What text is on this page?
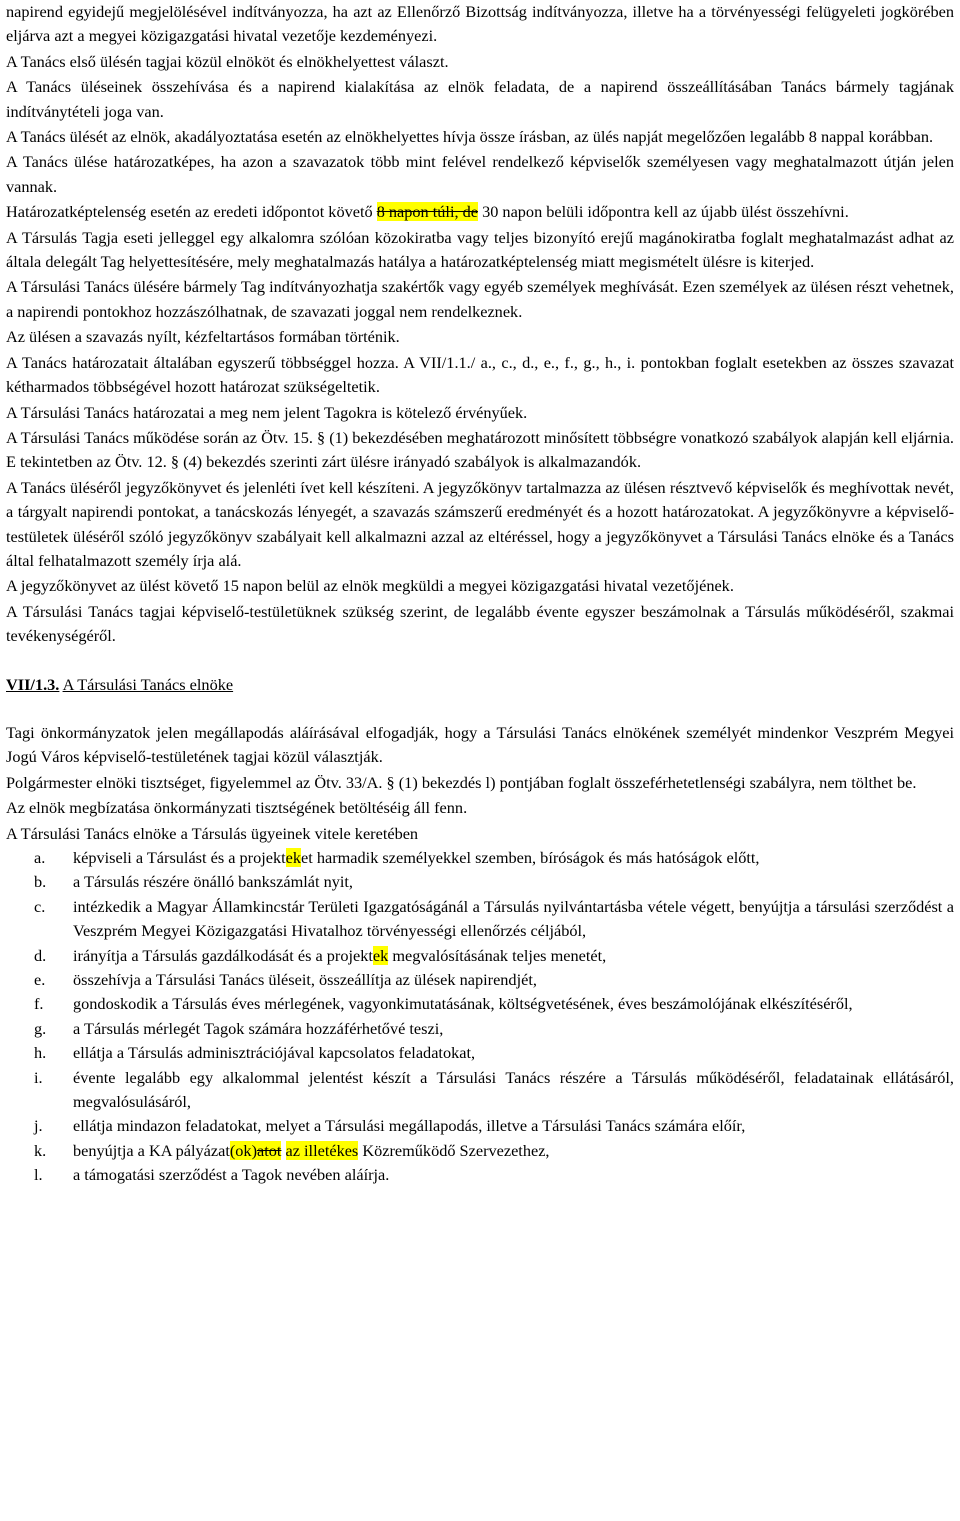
napirend egyidejű megjelölésével indítványozza, ha azt az Ellenőrző Bizottság indítványozza, illetve ha a törvényességi felügyeleti jogkörében eljárva azt a megyei közigazgatási hivatal vezetője kezdeményezi.

A Tanács első ülésén tagjai közül elnököt és elnökhelyettest választ.

A Tanács üléseinek összehívása és a napirend kialakítása az elnök feladata, de a napirend összeállításában Tanács bármely tagjának indítványtételi joga van.

A Tanács ülését az elnök, akadályoztatása esetén az elnökhelyettes hívja össze írásban, az ülés napját megelőzően legalább 8 nappal korábban.

A Tanács ülése határozatképes, ha azon a szavazatok több mint felével rendelkező képviselők személyesen vagy meghatalmazott útján jelen vannak.

Határozatképtelenség esetén az eredeti időpontot követő 8 napon túli, de 30 napon belüli időpontra kell az újabb ülést összehívni.

A Társulás Tagja eseti jelleggel egy alkalomra szólóan közokiratba vagy teljes bizonyító erejű magánokiratba foglalt meghatalmazást adhat az általa delegált Tag helyettesítésére, mely meghatalmazás hatálya a határozatképtelenség miatt megismételt ülésre is kiterjed.

A Társulási Tanács ülésére bármely Tag indítványozhatja szakértők vagy egyéb személyek meghívását. Ezen személyek az ülésen részt vehetnek, a napirendi pontokhoz hozzászólhatnak, de szavazati joggal nem rendelkeznek.

Az ülésen a szavazás nyílt, kézfeltartásos formában történik.

A Tanács határozatait általában egyszerű többséggel hozza. A VII/1.1./ a., c., d., e., f., g., h., i. pontokban foglalt esetekben az összes szavazat kétharmados többségével hozott határozat szükségeltetik.

A Társulási Tanács határozatai a meg nem jelent Tagokra is kötelező érvényűek.

A Társulási Tanács működése során az Ötv. 15. § (1) bekezdésében meghatározott minősített többségre vonatkozó szabályok alapján kell eljárnia. E tekintetben az Ötv. 12. § (4) bekezdés szerinti zárt ülésre irányadó szabályok is alkalmazandók.

A Tanács üléséről jegyzőkönyvet és jelenléti ívet kell készíteni. A jegyzőkönyv tartalmazza az ülésen résztvevő képviselők és meghívottak nevét, a tárgyalt napirendi pontokat, a tanácskozás lényegét, a szavazás számszerű eredményét és a hozott határozatokat. A jegyzőkönyvre a képviselő-testületek üléséről szóló jegyzőkönyv szabályait kell alkalmazni azzal az eltéréssel, hogy a jegyzőkönyvet a Társulási Tanács elnöke és a Tanács által felhatalmazott személy írja alá.

A jegyzőkönyvet az ülést követő 15 napon belül az elnök megküldi a megyei közigazgatási hivatal vezetőjének.

A Társulási Tanács tagjai képviselő-testületüknek szükség szerint, de legalább évente egyszer beszámolnak a Társulás működéséről, szakmai tevékenységéről.

VII/1.3. A Társulási Tanács elnöke

Tagi önkormányzatok jelen megállapodás aláírásával elfogadják, hogy a Társulási Tanács elnökének személyét mindenkor Veszprém Megyei Jogú Város képviselő-testületének tagjai közül választják.

Polgármester elnöki tisztséget, figyelemmel az Ötv. 33/A. § (1) bekezdés l) pontjában foglalt összeférhetetlenségi szabályra, nem tölthet be.

Az elnök megbízatása önkormányzati tisztségének betöltéséig áll fenn.

A Társulási Tanács elnöke a Társulás ügyeinek vitele keretében

a.	képviseli a Társulást és a projekteket harmadik személyekkel szemben, bíróságok és más hatóságok előtt,
b.	a Társulás részére önálló bankszámlát nyit,
c.	intézkedik a Magyar Államkincstár Területi Igazgatóságánál a Társulás nyilvántartásba vétele végett, benyújtja a társulási szerződést a Veszprém Megyei Közigazgatási Hivatalhoz törvényességi ellenőrzés céljából,
d.	irányítja a Társulás gazdálkodását és a projektek megvalósításának teljes menetét,
e.	összehívja a Társulási Tanács üléseit, összeállítja az ülések napirendjét,
f.	gondoskodik a Társulás éves mérlegének, vagyonkimutatásának, költségvetésének, éves beszámolójának elkészítéséről,
g.	a Társulás mérlegét Tagok számára hozzáférhetővé teszi,
h.	ellátja a Társulás adminisztrációjával kapcsolatos feladatokat,
i.	évente legalább egy alkalommal jelentést készít a Társulási Tanács részére a Társulás működéséről, feladatainak ellátásáról, megvalósulásáról,
j.	ellátja mindazon feladatokat, melyet a Társulási megállapodás, illetve a Társulási Tanács számára előír,
k.	benyújtja a KA pályázat(ok)atot az illetékes Közreműködő Szervezethez,
l.	a támogatási szerződést a Tagok nevében aláírja.
